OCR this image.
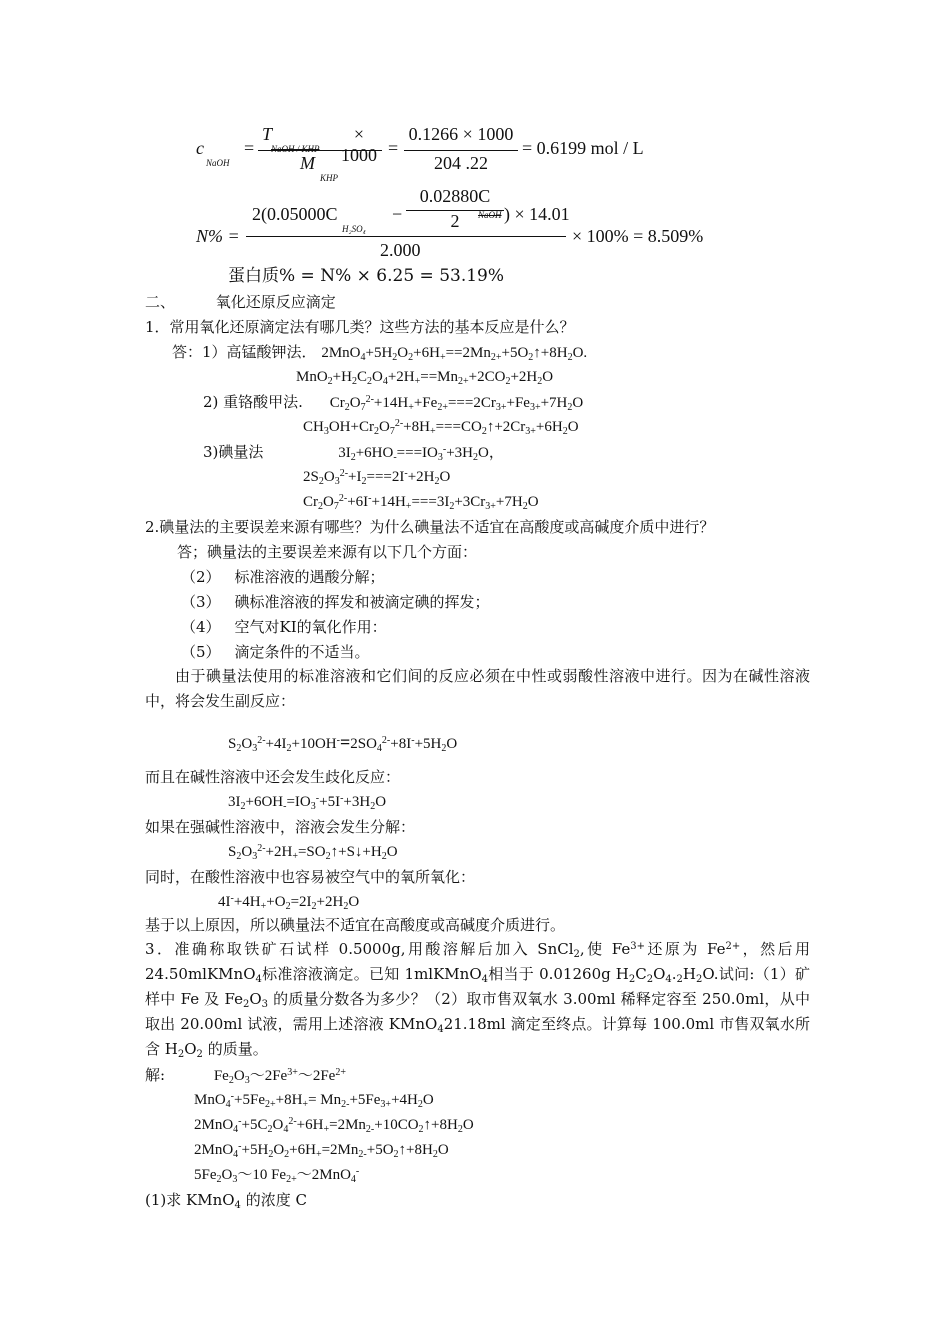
c
NaOH
=
T
NaOH / KHP
× 1000
M
KHP
= $\frac{0.1266 \times 1000}{204 .22} = 0.6199$ mol / L
N% =
2(0.05000C
H₂SO₄
− $\frac{0.02880C}{2}$
NaOH ) × 14.01
2.000
× 100% = 8.509%
蛋白质% = N% × 6.25 = 53.19%
二、	氧化还原反应滴定
1．常用氧化还原滴定法有哪几类？这些方法的基本反应是什么？
答：1）高锰酸钾法． $2MnO_4+5H_2O_2+6H_+==2Mn_{2+}+5O_2↑+8H_2O$.
$MnO_2+H_2C_2O_4+2H_+==Mn_{2+}+2CO_2+2H_2O$
2) 重铬酸甲法. $Cr_2O_7^{2-}+14H_++Fe_{2+}===2Cr_{3+}+Fe_{3+}+7H_2O$
$CH_3OH+Cr_2O_7^{2-}+8H_+===CO_2↑+2Cr_{3+}+6H_2O$
3)碘量法	$3I_2+6HO_-===IO_3^-+3H_2O$，
$2S_2O_3^{2-}+I_2===2I^-+2H_2O$
$Cr_2O_7^{2-}+6I^-+14H_+===3I_2+3Cr_{3+}+7H_2O$
2.碘量法的主要误差来源有哪些？为什么碘量法不适宜在高酸度或高碱度介质中进行？
答；碘量法的主要误差来源有以下几个方面：
（2） 标准溶液的遇酸分解；
（3） 碘标准溶液的挥发和被滴定碘的挥发；
（4） 空气对KI的氧化作用：
（5） 滴定条件的不适当。
由于碘量法使用的标准溶液和它们间的反应必须在中性或弱酸性溶液中进行。因为在碱性溶液中，将会发生副反应：
$S_2O_3^{2-}+4I_2+10OH^-=2SO_4^{2-}+8I^-+5H_2O$
而且在碱性溶液中还会发生歧化反应：
$3I_2+6OH_-=IO_3^-+5I^-+3H_2O$
如果在强碱性溶液中，溶液会发生分解：
$S_2O_3^{2-}+2H_+=SO_2↑+S↓+H_2O$
同时，在酸性溶液中也容易被空气中的氧所氧化：
$4I^-+4H_++O_2=2I_2+2H_2O$
基于以上原因，所以碘量法不适宜在高酸度或高碱度介质进行。
3．准确称取铁矿石试样 0.5000g,用酸溶解后加入 SnCl$_2$,使 $Fe^{3+}$还原为 $Fe^{2+}$，然后用24.50mlKMnO$_4$标准溶液滴定。已知 1mlKMnO$_4$相当于 0.01260g $H_2C_2O_4._2H_2O$.试问:（1）矿样中 Fe 及 $Fe_2O_3$ 的质量分数各为多少？（2）取市售双氧水 3.00ml 稀释定容至 250.0ml，从中取出 20.00ml 试液，需用上述溶液 KMnO$_4$21.18ml 滴定至终点。计算每 100.0ml 市售双氧水所含 $H_2O_2$ 的质量。
解:	$Fe_2O_3\sim 2Fe^{3+}\sim 2Fe^{2+}$
$MnO_4^-+5Fe_{2+}+8H_+= Mn_{2-}+5Fe_{3+}+4H_2O$
$2MnO_4^-+5C_2O_4^{2-}+6H_+=2Mn_{2-}+10CO_2↑+8H_2O$
$2MnO_4^-+5H_2O_2+6H_+=2Mn_{2-}+5O_2↑+8H_2O$
$5Fe_2O_3\sim 10$ $Fe_{2+}\sim 2MnO_4^-$
(1)求 KMnO$_4$ 的浓度 C
